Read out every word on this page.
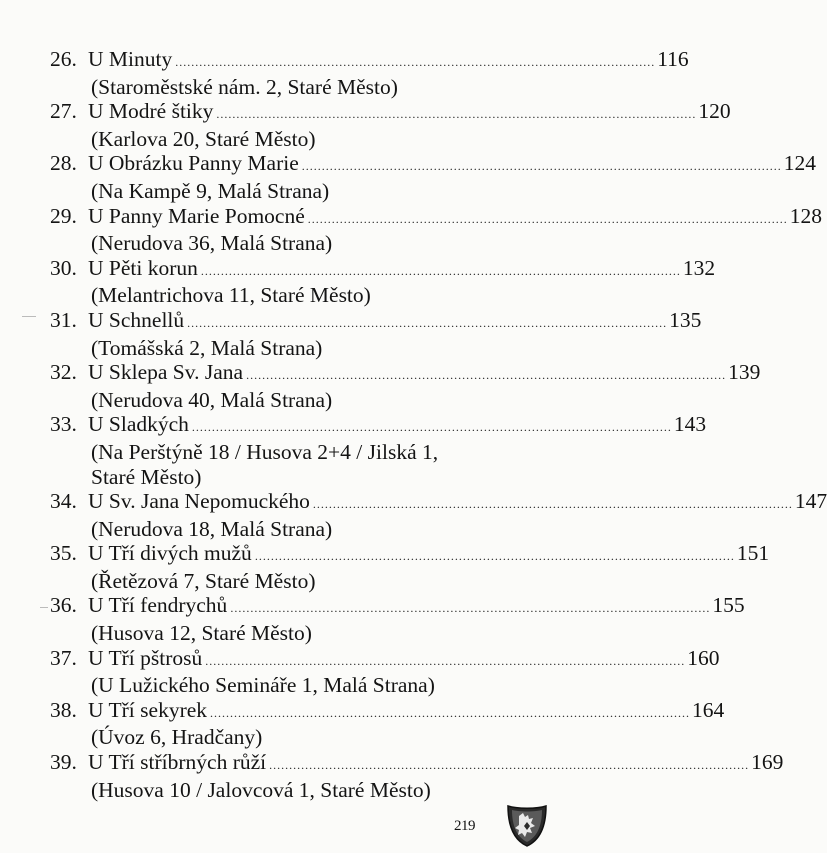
26. U Minuty ........................................................................................................................ 116
(Staroměstské nám. 2, Staré Město)
27. U Modré štiky ........................................................................................................................ 120
(Karlova 20, Staré Město)
28. U Obrázku Panny Marie ........................................................................................................................ 124
(Na Kampě 9, Malá Strana)
29. U Panny Marie Pomocné ........................................................................................................................ 128
(Nerudova 36, Malá Strana)
30. U Pěti korun ........................................................................................................................ 132
(Melantrichova 11, Staré Město)
31. U Schnellů ........................................................................................................................ 135
(Tomášská 2, Malá Strana)
32. U Sklepa Sv. Jana ........................................................................................................................ 139
(Nerudova 40, Malá Strana)
33. U Sladkých ........................................................................................................................ 143
(Na Perštýně 18 / Husova 2+4 / Jilská 1,
Staré Město)
34. U Sv. Jana Nepomuckého ........................................................................................................................ 147
(Nerudova 18, Malá Strana)
35. U Tří divých mužů ........................................................................................................................ 151
(Řetězová 7, Staré Město)
36. U Tří fendrychů ........................................................................................................................ 155
(Husova 12, Staré Město)
37. U Tří pštrosů ........................................................................................................................ 160
(U Lužického Semináře 1, Malá Strana)
38. U Tří sekyrek ........................................................................................................................ 164
(Úvoz 6, Hradčany)
39. U Tří stříbrných růží ........................................................................................................................ 169
(Husova 10 / Jalovcová 1, Staré Město)
219
